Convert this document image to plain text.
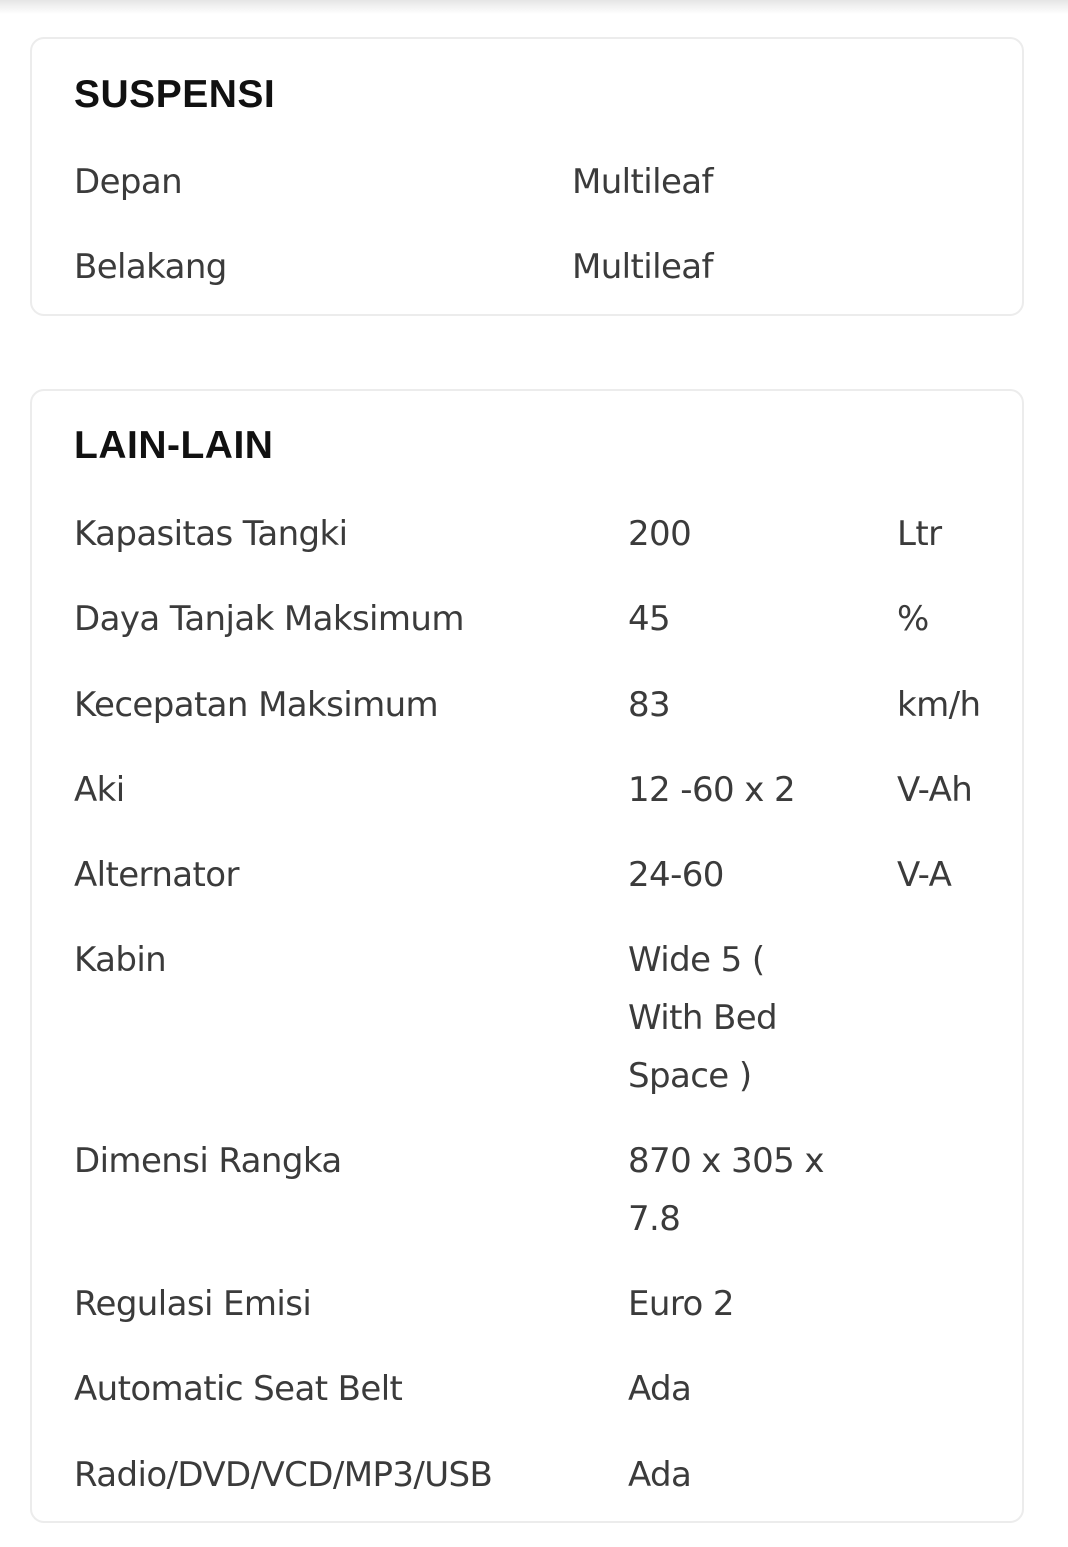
SUSPENSI
Depan	Multileaf
Belakang	Multileaf
LAIN-LAIN
Kapasitas Tangki	200	Ltr
Daya Tanjak Maksimum	45	%
Kecepatan Maksimum	83	km/h
Aki	12 -60 x 2	V-Ah
Alternator	24-60	V-A
Kabin	Wide 5 ( With Bed Space )
Dimensi Rangka	870 x 305 x 7.8
Regulasi Emisi	Euro 2
Automatic Seat Belt	Ada
Radio/DVD/VCD/MP3/USB	Ada
